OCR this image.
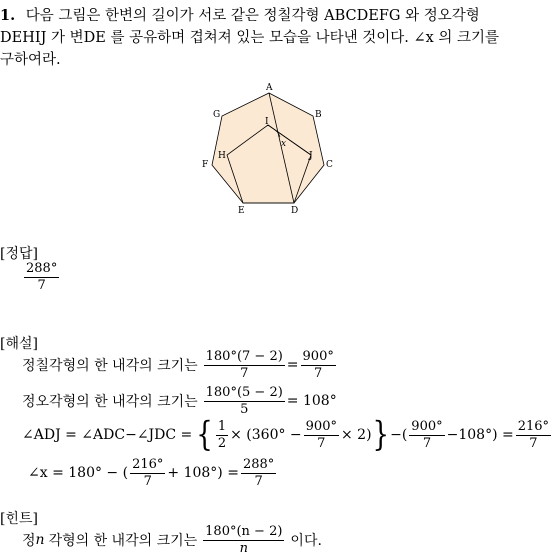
1. 다음 그림은 한변의 길이가 서로 같은 정칠각형 ABCDEFG 와 정오각형
DEHIJ 가 변DE 를 공유하며 겹쳐져 있는 모습을 나타낸 것이다. ∠x 의 크기를
구하여라.
A
B
C
D
E
F
G
H
I
J
x
[정답]
$\frac{288^\circ}{7}$
[해설]
정칠각형의 한 내각의 크기는 $\frac{180^\circ(7 - 2)}{7} = \frac{900^\circ}{7}$
정오각형의 한 내각의 크기는 $\frac{180^\circ(5 - 2)}{5} = 108^\circ$
∠ADJ = ∠ADC−∠JDC = { $\frac{1}{2} \times (360^\circ - \frac{900^\circ}{7} \times 2)$ } −( $\frac{900^\circ}{7} -108^\circ) = \frac{216^\circ}{7}$
∠x = 180° − ( $\frac{216^\circ}{7} + 108^\circ) = \frac{288^\circ}{7}$
[힌트]
정 n 각형의 한 내각의 크기는 $\frac{180^\circ(n - 2)}{n}$ 이다.
